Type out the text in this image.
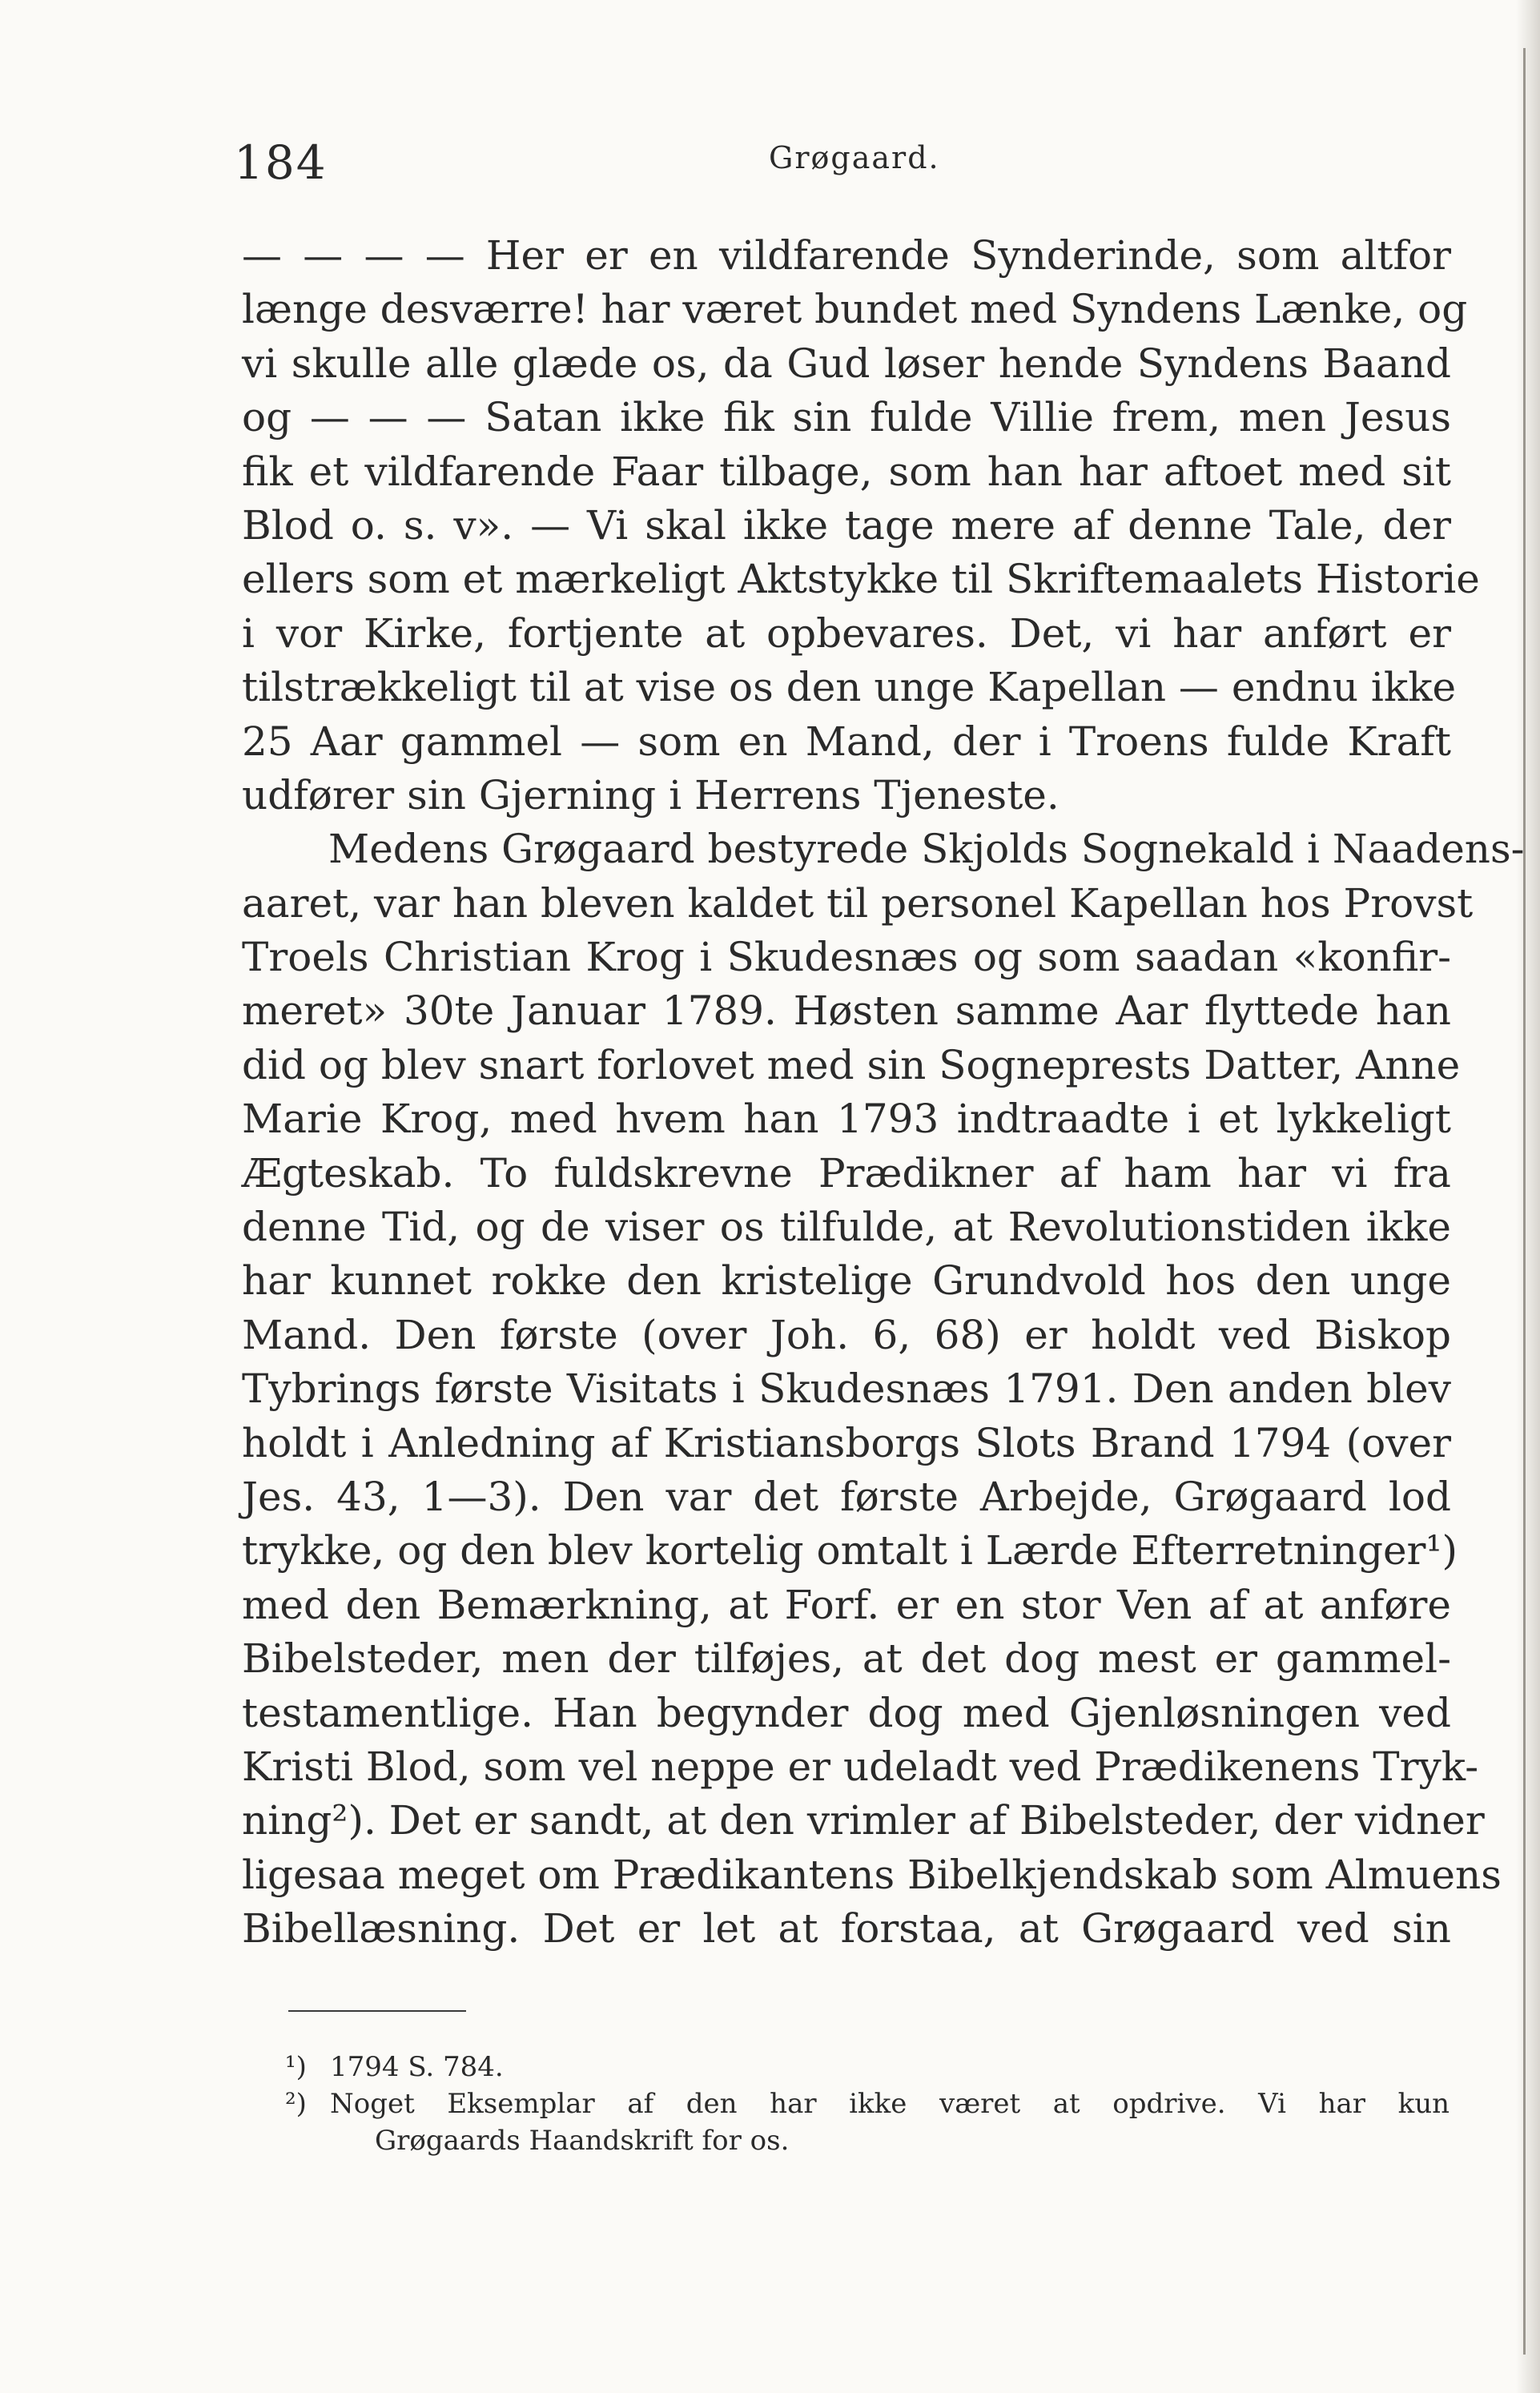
184	Grøgaard.
— — — — Her er en vildfarende Synderinde, som altfor
længe desværre! har været bundet med Syndens Lænke, og
vi skulle alle glæde os, da Gud løser hende Syndens Baand
og — — — Satan ikke fik sin fulde Villie frem, men Jesus
fik et vildfarende Faar tilbage, som han har aftoet med sit
Blod o. s. v». — Vi skal ikke tage mere af denne Tale, der
ellers som et mærkeligt Aktstykke til Skriftemaalets Historie
i vor Kirke, fortjente at opbevares. Det, vi har anført er
tilstrækkeligt til at vise os den unge Kapellan — endnu ikke
25 Aar gammel — som en Mand, der i Troens fulde Kraft
udfører sin Gjerning i Herrens Tjeneste.
Medens Grøgaard bestyrede Skjolds Sognekald i Naadens-
aaret, var han bleven kaldet til personel Kapellan hos Provst
Troels Christian Krog i Skudesnæs og som saadan «konfir-
meret» 30te Januar 1789. Høsten samme Aar flyttede han
did og blev snart forlovet med sin Sogneprests Datter, Anne
Marie Krog, med hvem han 1793 indtraadte i et lykkeligt
Ægteskab. To fuldskrevne Prædikner af ham har vi fra
denne Tid, og de viser os tilfulde, at Revolutionstiden ikke
har kunnet rokke den kristelige Grundvold hos den unge
Mand. Den første (over Joh. 6, 68) er holdt ved Biskop
Tybrings første Visitats i Skudesnæs 1791. Den anden blev
holdt i Anledning af Kristiansborgs Slots Brand 1794 (over
Jes. 43, 1—3). Den var det første Arbejde, Grøgaard lod
trykke, og den blev kortelig omtalt i Lærde Efterretninger¹)
med den Bemærkning, at Forf. er en stor Ven af at anføre
Bibelsteder, men der tilføjes, at det dog mest er gammel-
testamentlige. Han begynder dog med Gjenløsningen ved
Kristi Blod, som vel neppe er udeladt ved Prædikenens Tryk-
ning²). Det er sandt, at den vrimler af Bibelsteder, der vidner
ligesaa meget om Prædikantens Bibelkjendskab som Almuens
Bibellæsning. Det er let at forstaa, at Grøgaard ved sin
¹) 1794 S. 784.
²) Noget Eksemplar af den har ikke været at opdrive. Vi har kun
Grøgaards Haandskrift for os.
